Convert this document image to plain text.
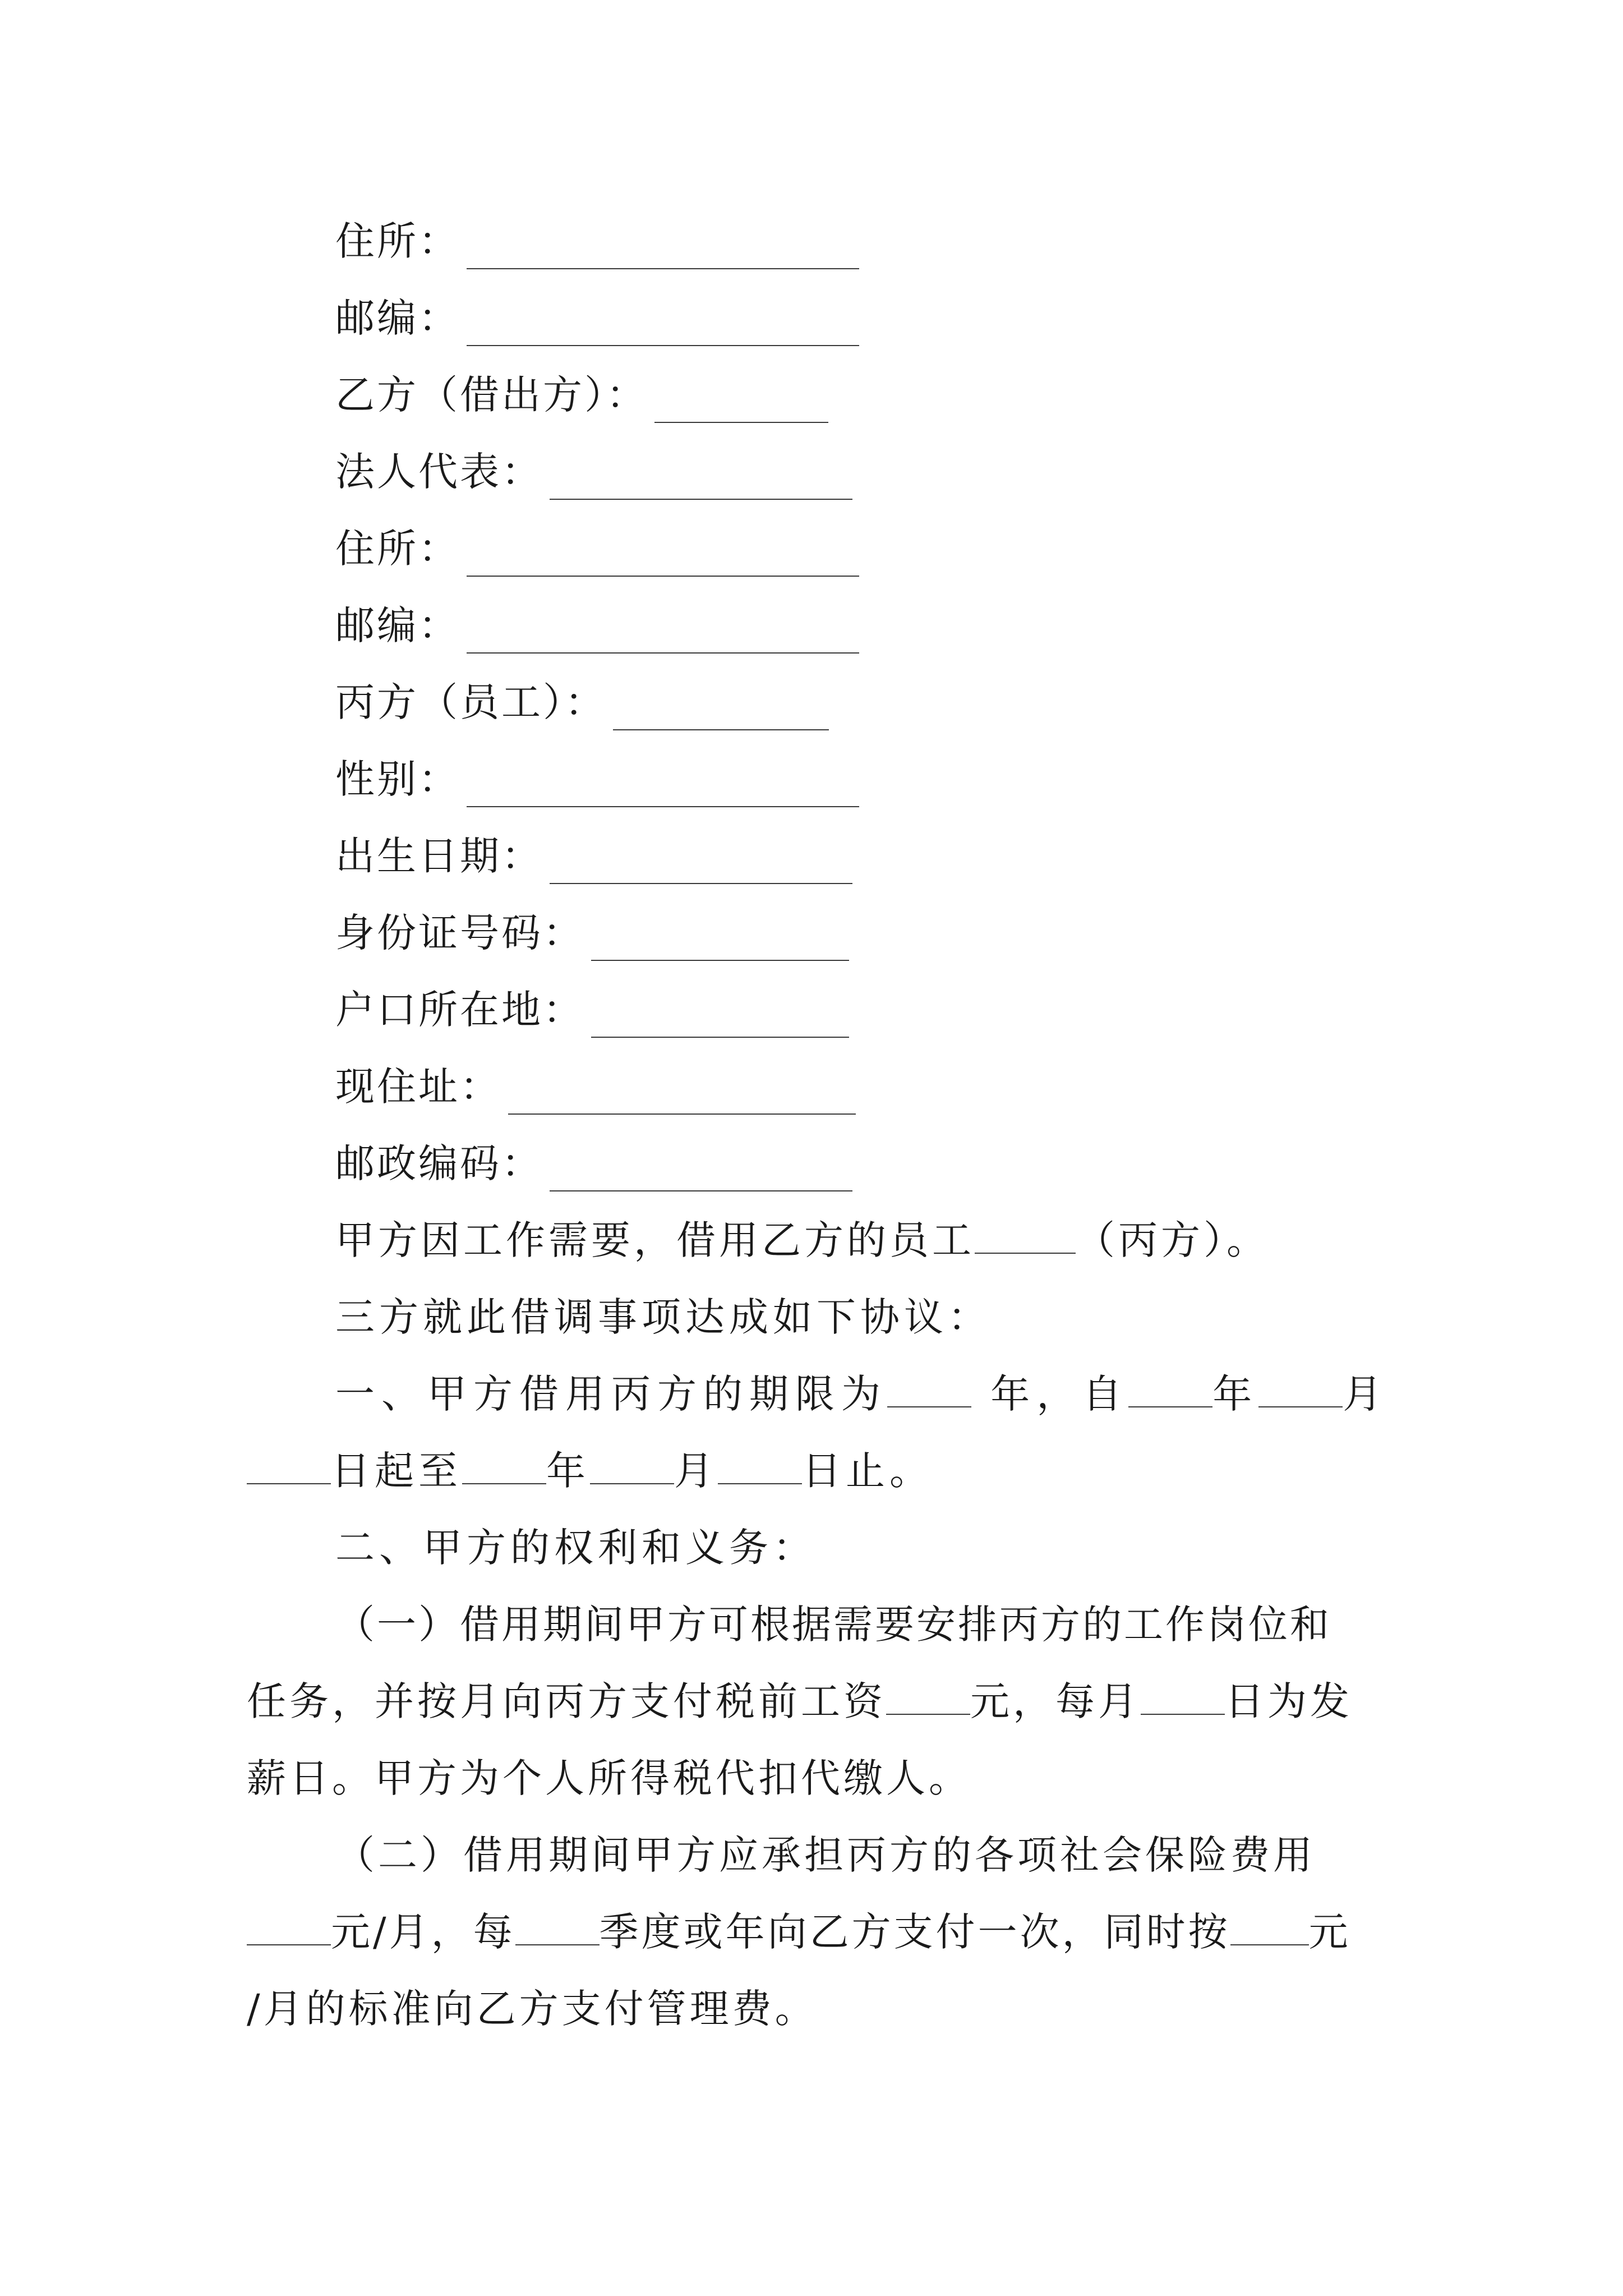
住所：
邮编：
乙方（借出方）：
法人代表：
住所：
邮编：
丙方（员工）：
性别：
出生日期：
身份证号码：
户口所在地：
现住址：
邮政编码：
甲方因工作需要，借用乙方的员工	（丙方）。
三方就此借调事项达成如下协议：
一、甲方借用丙方的期限为	年，自 年 月
日起至 年 月 日止。
二、甲方的权利和义务：
（一）借用期间甲方可根据需要安排丙方的工作岗位和
任务，并按月向丙方支付税前工资 元，每月 日为发
薪日。甲方为个人所得税代扣代缴人。
（二）借用期间甲方应承担丙方的各项社会保险费用
元/月，每 季度或年向乙方支付一次，同时按 元
/月的标准向乙方支付管理费。
